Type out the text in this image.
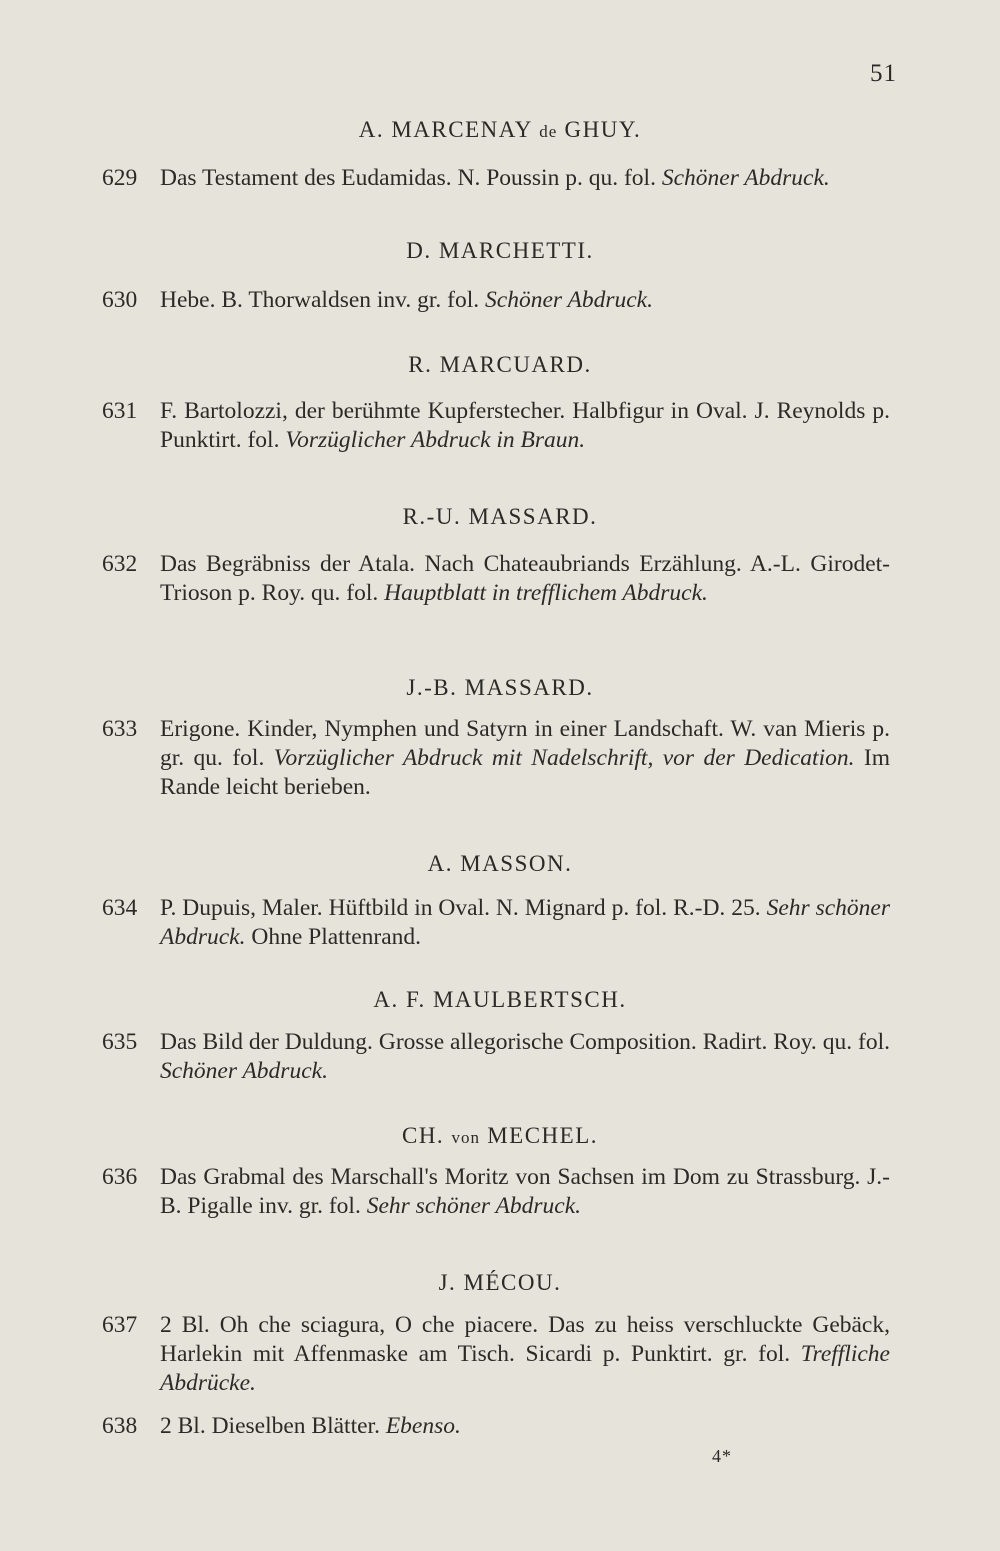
51
A. MARCENAY de GHUY.
629 Das Testament des Eudamidas. N. Poussin p. qu. fol. Schöner Abdruck.
D. MARCHETTI.
630 Hebe. B. Thorwaldsen inv. gr. fol. Schöner Abdruck.
R. MARCUARD.
631 F. Bartolozzi, der berühmte Kupferstecher. Halbfigur in Oval. J. Reynolds p. Punktirt. fol. Vorzüglicher Abdruck in Braun.
R.-U. MASSARD.
632 Das Begräbniss der Atala. Nach Chateaubriands Erzählung. A.-L. Girodet-Trioson p. Roy. qu. fol. Hauptblatt in trefflichem Abdruck.
J.-B. MASSARD.
633 Erigone. Kinder, Nymphen und Satyrn in einer Landschaft. W. van Mieris p. gr. qu. fol. Vorzüglicher Abdruck mit Nadelschrift, vor der Dedication. Im Rande leicht berieben.
A. MASSON.
634 P. Dupuis, Maler. Hüftbild in Oval. N. Mignard p. fol. R.-D. 25. Sehr schöner Abdruck. Ohne Plattenrand.
A. F. MAULBERTSCH.
635 Das Bild der Duldung. Grosse allegorische Composition. Radirt. Roy. qu. fol. Schöner Abdruck.
CH. von MECHEL.
636 Das Grabmal des Marschall's Moritz von Sachsen im Dom zu Strassburg. J.-B. Pigalle inv. gr. fol. Sehr schöner Abdruck.
J. MÉCOU.
637 2 Bl. Oh che sciagura, O che piacere. Das zu heiss verschluckte Gebäck, Harlekin mit Affenmaske am Tisch. Sicardi p. Punktirt. gr. fol. Treffliche Abdrücke.
638 2 Bl. Dieselben Blätter. Ebenso.
4*
